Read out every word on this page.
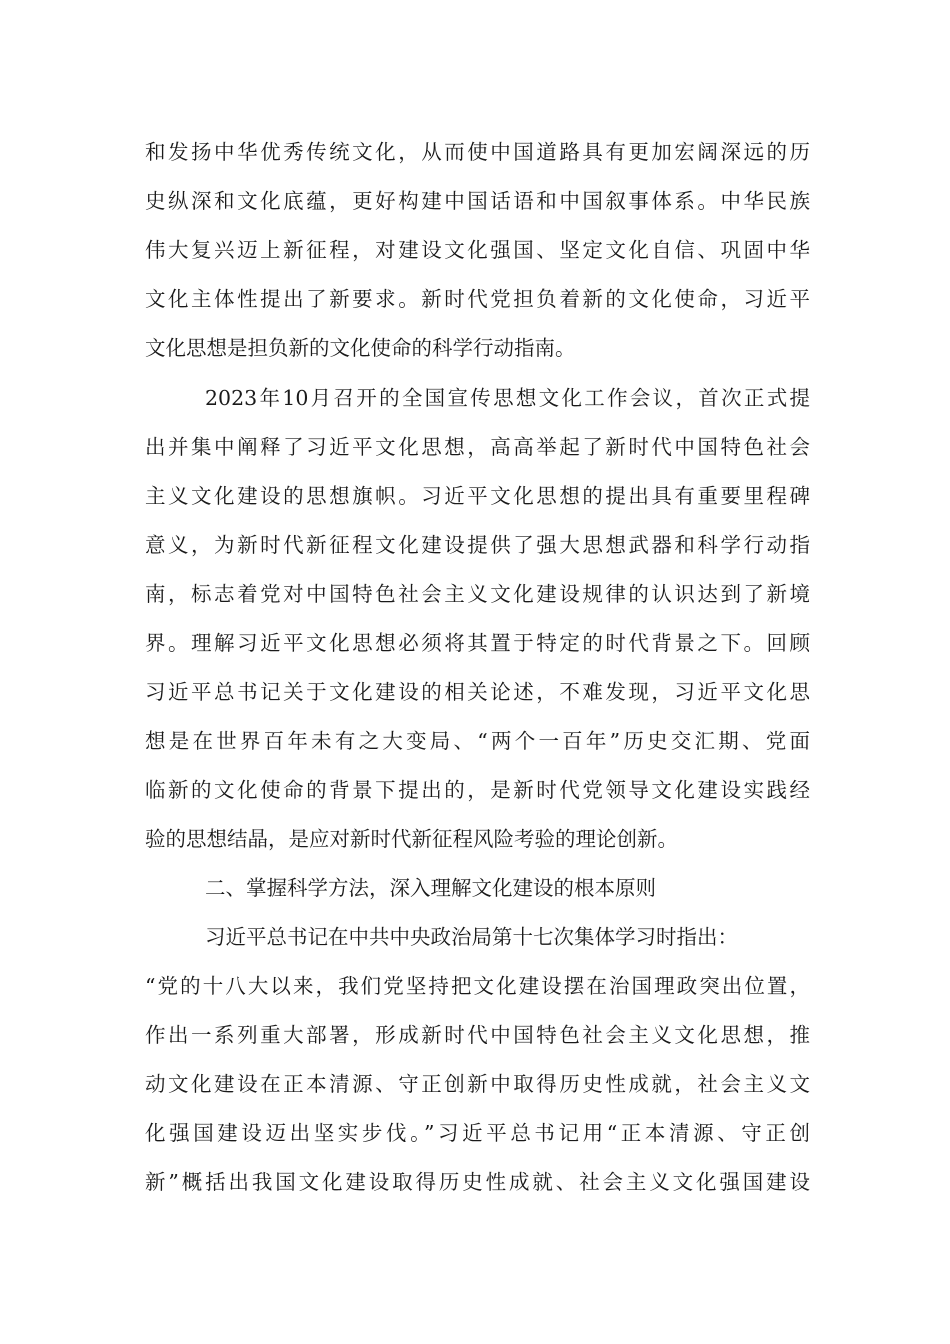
和发扬中华优秀传统文化，从而使中国道路具有更加宏阔深远的历
史纵深和文化底蕴，更好构建中国话语和中国叙事体系。中华民族
伟大复兴迈上新征程，对建设文化强国、坚定文化自信、巩固中华
文化主体性提出了新要求。新时代党担负着新的文化使命，习近平
文化思想是担负新的文化使命的科学行动指南。
2023年10月召开的全国宣传思想文化工作会议，首次正式提
出并集中阐释了习近平文化思想，高高举起了新时代中国特色社会
主义文化建设的思想旗帜。习近平文化思想的提出具有重要里程碑
意义，为新时代新征程文化建设提供了强大思想武器和科学行动指
南，标志着党对中国特色社会主义文化建设规律的认识达到了新境
界。理解习近平文化思想必须将其置于特定的时代背景之下。回顾
习近平总书记关于文化建设的相关论述，不难发现，习近平文化思
想是在世界百年未有之大变局、“两个一百年”历史交汇期、党面
临新的文化使命的背景下提出的，是新时代党领导文化建设实践经
验的思想结晶，是应对新时代新征程风险考验的理论创新。
二、掌握科学方法，深入理解文化建设的根本原则
习近平总书记在中共中央政治局第十七次集体学习时指出：
“党的十八大以来，我们党坚持把文化建设摆在治国理政突出位置，
作出一系列重大部署，形成新时代中国特色社会主义文化思想，推
动文化建设在正本清源、守正创新中取得历史性成就，社会主义文
化强国建设迈出坚实步伐。”习近平总书记用“正本清源、守正创
新”概括出我国文化建设取得历史性成就、社会主义文化强国建设
